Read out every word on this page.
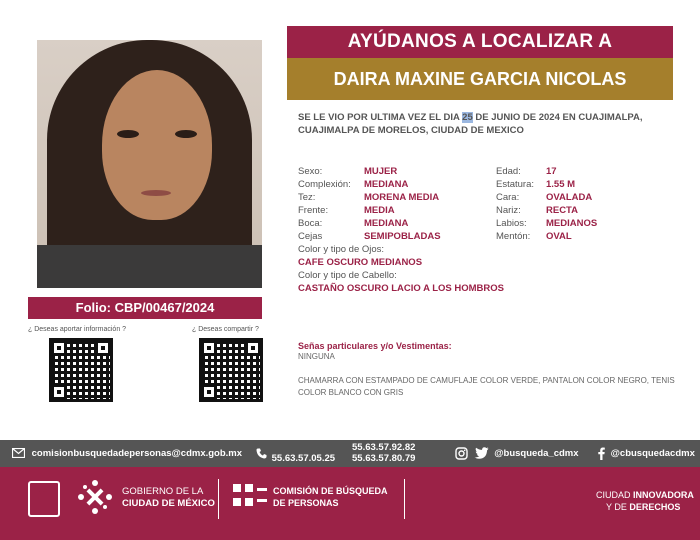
Folio: CBP/00467/2024
¿ Deseas aportar información ?	¿ Deseas compartir ?
AYÚDANOS A LOCALIZAR A
DAIRA MAXINE GARCIA NICOLAS
SE LE VIO POR ULTIMA VEZ EL DIA 25 DE JUNIO DE 2024 EN CUAJIMALPA, CUAJIMALPA DE MORELOS, CIUDAD DE MEXICO
Sexo:	MUJER
Complexión: MEDIANA
Tez:	MORENA MEDIA
Frente:	MEDIA
Boca:	MEDIANA
Cejas	SEMIPOBLADAS
Color y tipo de Ojos:
CAFE OSCURO MEDIANOS
Color y tipo de Cabello:
CASTAÑO OSCURO LACIO A LOS HOMBROS
Edad:	17
Estatura: 1.55 M
Cara:	OVALADA
Nariz:	RECTA
Labios: MEDIANOS
Mentón: OVAL
Señas particulares y/o Vestimentas:
NINGUNA
CHAMARRA CON ESTAMPADO DE CAMUFLAJE COLOR VERDE, PANTALON COLOR NEGRO, TENIS COLOR BLANCO CON GRIS
comisionbusquedadepersonas@cdmx.gob.mx	55.63.57.05.25
55.63.57.92.82
55.63.57.80.79	@busqueda_cdmx	@cbusquedacdmx
GOBIERNO DE LA
CIUDAD DE MÉXICO
COMISIÓN DE BÚSQUEDA
DE PERSONAS
CIUDAD INNOVADORA
Y DE DERECHOS
